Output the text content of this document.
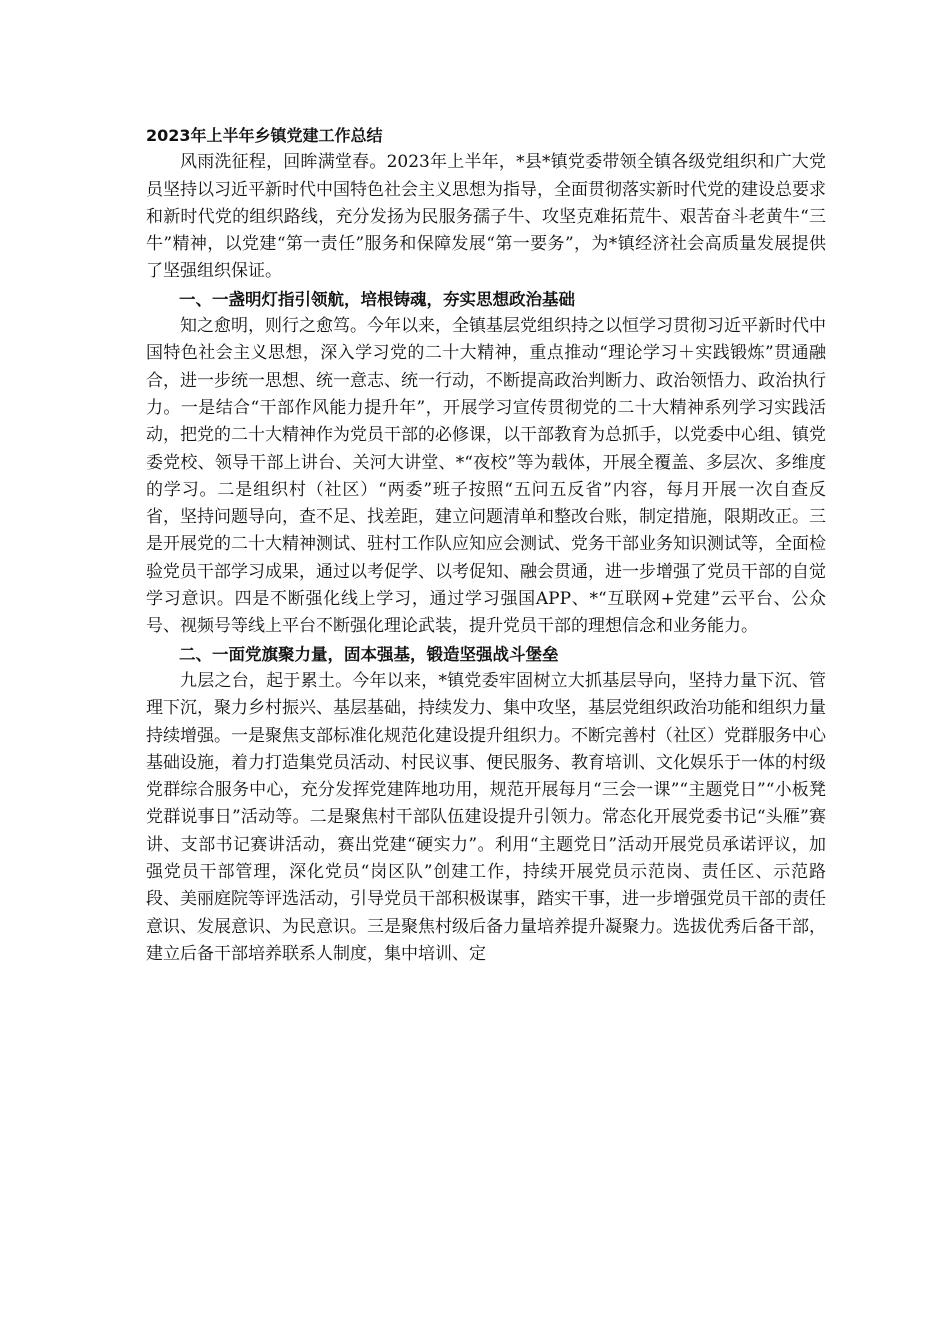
2023年上半年乡镇党建工作总结

风雨洗征程，回眸满堂春。2023年上半年，*县*镇党委带领全镇各级党组织和广大党员坚持以习近平新时代中国特色社会主义思想为指导，全面贯彻落实新时代党的建设总要求和新时代党的组织路线，充分发扬为民服务孺子牛、攻坚克难拓荒牛、艰苦奋斗老黄牛“三牛”精神，以党建“第一责任”服务和保障发展“第一要务”，为*镇经济社会高质量发展提供了坚强组织保证。

一、一盏明灯指引领航，培根铸魂，夯实思想政治基础

知之愈明，则行之愈笃。今年以来，全镇基层党组织持之以恒学习贯彻习近平新时代中国特色社会主义思想，深入学习党的二十大精神，重点推动“理论学习＋实践锻炼”贯通融合，进一步统一思想、统一意志、统一行动，不断提高政治判断力、政治领悟力、政治执行力。一是结合“干部作风能力提升年”，开展学习宣传贯彻党的二十大精神系列学习实践活动，把党的二十大精神作为党员干部的必修课，以干部教育为总抓手，以党委中心组、镇党委党校、领导干部上讲台、关河大讲堂、*“夜校”等为载体，开展全覆盖、多层次、多维度的学习。二是组织村（社区）“两委”班子按照“五问五反省”内容，每月开展一次自查反省，坚持问题导向，查不足、找差距，建立问题清单和整改台账，制定措施，限期改正。三是开展党的二十大精神测试、驻村工作队应知应会测试、党务干部业务知识测试等，全面检验党员干部学习成果，通过以考促学、以考促知、融会贯通，进一步增强了党员干部的自觉学习意识。四是不断强化线上学习，通过学习强国APP、*“互联网+党建”云平台、公众号、视频号等线上平台不断强化理论武装，提升党员干部的理想信念和业务能力。

二、一面党旗聚力量，固本强基，锻造坚强战斗堡垒

九层之台，起于累土。今年以来，*镇党委牢固树立大抓基层导向，坚持力量下沉、管理下沉，聚力乡村振兴、基层基础，持续发力、集中攻坚，基层党组织政治功能和组织力量持续增强。一是聚焦支部标准化规范化建设提升组织力。不断完善村（社区）党群服务中心基础设施，着力打造集党员活动、村民议事、便民服务、教育培训、文化娱乐于一体的村级党群综合服务中心，充分发挥党建阵地功用，规范开展每月“三会一课”“主题党日”“小板凳党群说事日”活动等。二是聚焦村干部队伍建设提升引领力。常态化开展党委书记“头雁”赛讲、支部书记赛讲活动，赛出党建“硬实力”。利用“主题党日”活动开展党员承诺评议，加强党员干部管理，深化党员“岗区队”创建工作，持续开展党员示范岗、责任区、示范路段、美丽庭院等评选活动，引导党员干部积极谋事，踏实干事，进一步增强党员干部的责任意识、发展意识、为民意识。三是聚焦村级后备力量培养提升凝聚力。选拔优秀后备干部，建立后备干部培养联系人制度，集中培训、定
